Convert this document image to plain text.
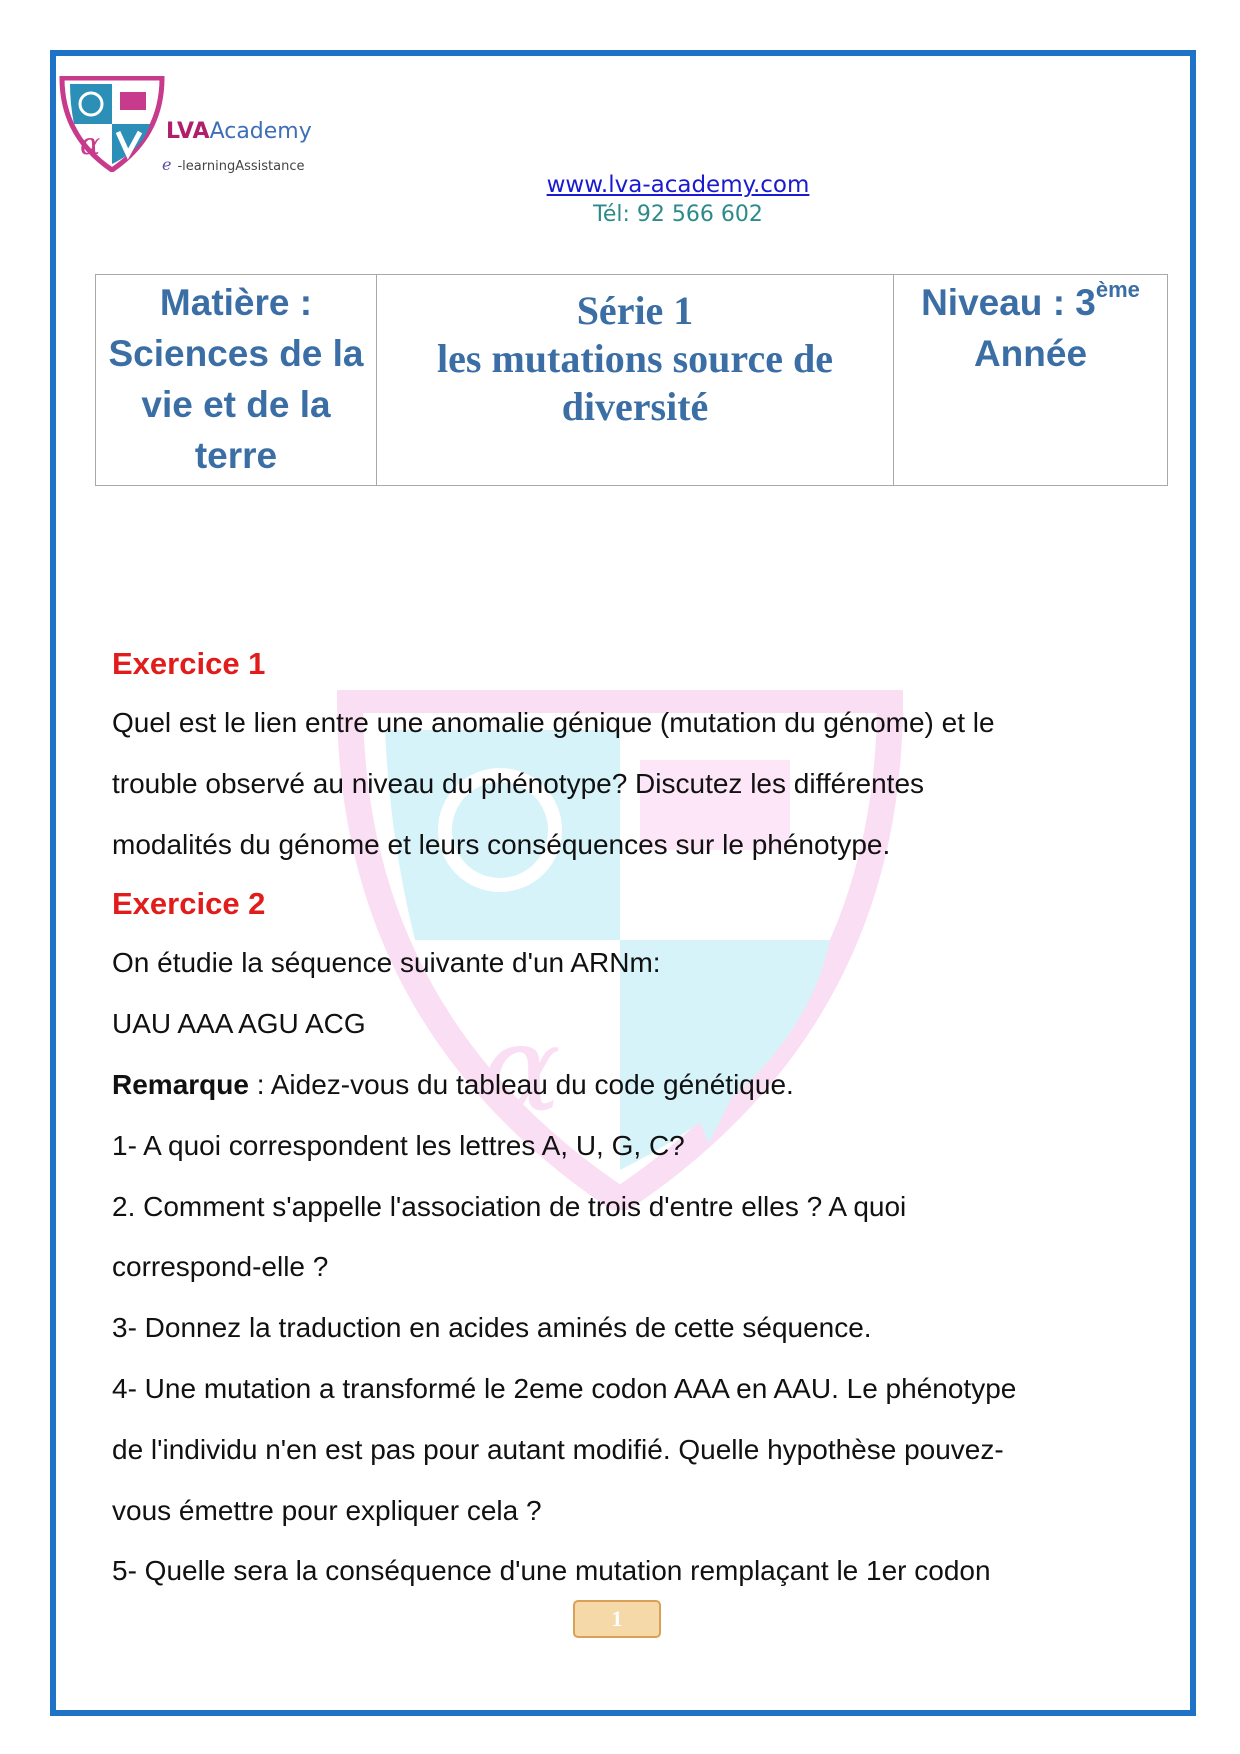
α
α	LVAAcademy
e -learningAssistance
www.lva-academy.com
Tél: 92 566 602
Matière :
Sciences de la
vie et de la
terre

Série 1
les mutations source de
diversité

Niveau : 3ème
Année

Exercice 1

Quel est le lien entre une anomalie génique (mutation du génome) et le

trouble observé au niveau du phénotype? Discutez les différentes

modalités du génome et leurs conséquences sur le phénotype.

Exercice 2

On étudie la séquence suivante d'un ARNm:

UAU AAA AGU ACG

Remarque : Aidez-vous du tableau du code génétique.

1- A quoi correspondent les lettres A, U, G, C?

2. Comment s'appelle l'association de trois d'entre elles ? A quoi

correspond-elle ?

3- Donnez la traduction en acides aminés de cette séquence.

4- Une mutation a transformé le 2eme codon AAA en AAU. Le phénotype

de l'individu n'en est pas pour autant modifié. Quelle hypothèse pouvez-

vous émettre pour expliquer cela ?

5- Quelle sera la conséquence d'une mutation remplaçant le 1er codon

1
